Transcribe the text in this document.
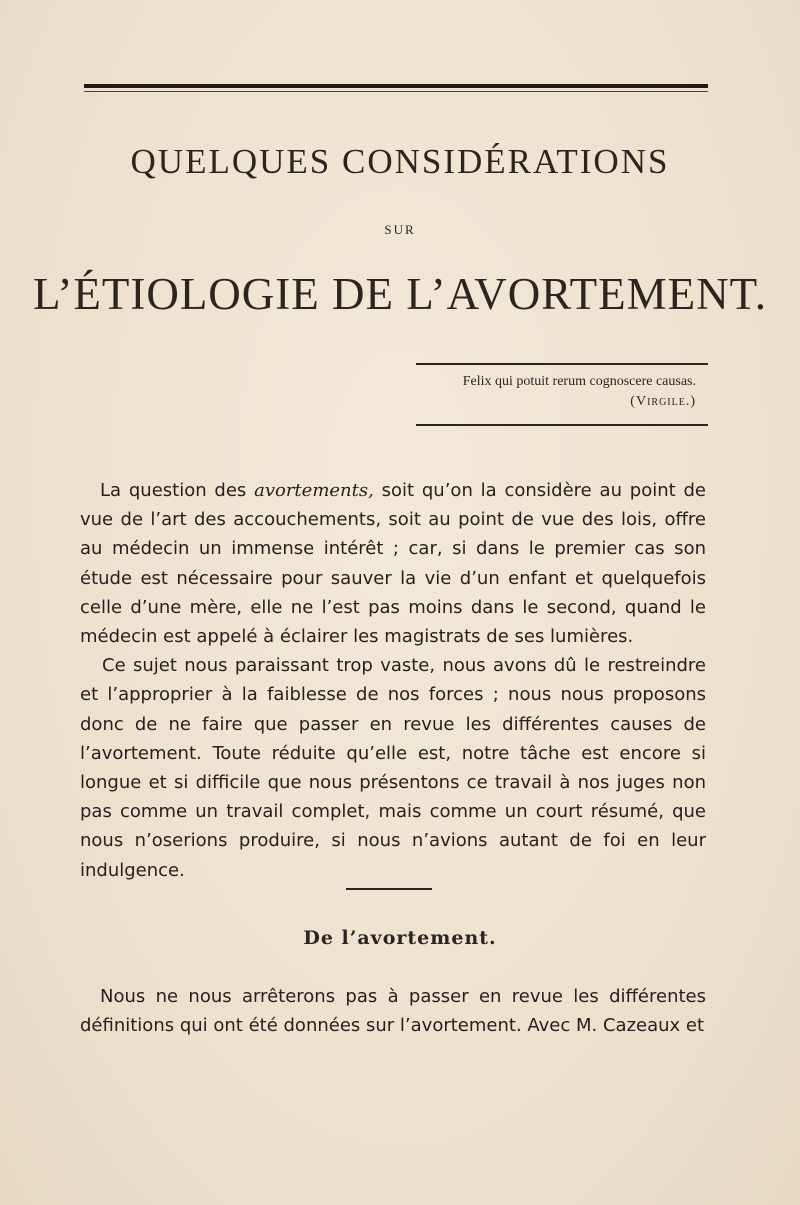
QUELQUES CONSIDÉRATIONS
SUR
L’ÉTIOLOGIE DE L’AVORTEMENT.
Felix qui potuit rerum cognoscere causas.
(Virgile.)

La question des avortements, soit qu’on la considère au point de vue de l’art des accouchements, soit au point de vue des lois, offre au médecin un immense intérêt ; car, si dans le premier cas son étude est nécessaire pour sauver la vie d’un enfant et quelquefois celle d’une mère, elle ne l’est pas moins dans le second, quand le médecin est appelé à éclairer les magistrats de ses lumières.

Ce sujet nous paraissant trop vaste, nous avons dû le restreindre et l’approprier à la faiblesse de nos forces ; nous nous proposons donc de ne faire que passer en revue les différentes causes de l’avortement. Toute réduite qu’elle est, notre tâche est encore si longue et si difficile que nous présentons ce travail à nos juges non pas comme un travail complet, mais comme un court résumé, que nous n’oserions produire, si nous n’avions autant de foi en leur indulgence.

De l’avortement.

Nous ne nous arrêterons pas à passer en revue les différentes définitions qui ont été données sur l’avortement. Avec M. Cazeaux et
